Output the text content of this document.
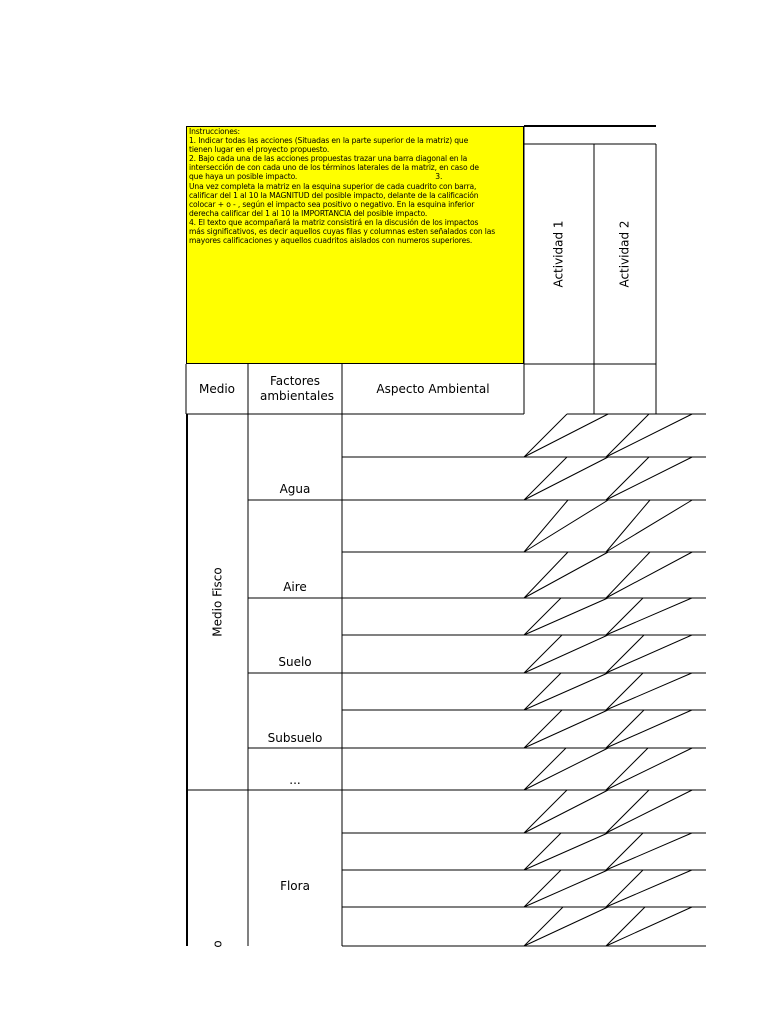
Instrucciones:
1. Indicar todas las acciones (Situadas en la parte superior de la matriz) que
tienen lugar en el proyecto propuesto.
2. Bajo cada una de las acciones propuestas trazar una barra diagonal en la
intersección de con cada uno de los términos laterales de la matriz, en caso de
que haya un posible impacto.                                                             3.
Una vez completa la matriz en la esquina superior de cada cuadrito con barra,
calificar del 1 al 10 la MAGNITUD del posible impacto, delante de la calificación
colocar + o - , según el impacto sea positivo o negativo. En la esquina inferior
derecha calificar del 1 al 10 la IMPORTANCIA del posible impacto.
4. El texto que acompañará la matriz consistirá en la discusión de los impactos
más significativos, es decir aquellos cuyas filas y columnas esten señalados con las
mayores calificaciones y aquellos cuadritos aislados con numeros superiores.	Actividad 1	Actividad 2
Medio
Factores ambientales
Aspecto Ambiental
Medio Fisco
o
Agua
Aire
Suelo
Subsuelo
...
Flora
